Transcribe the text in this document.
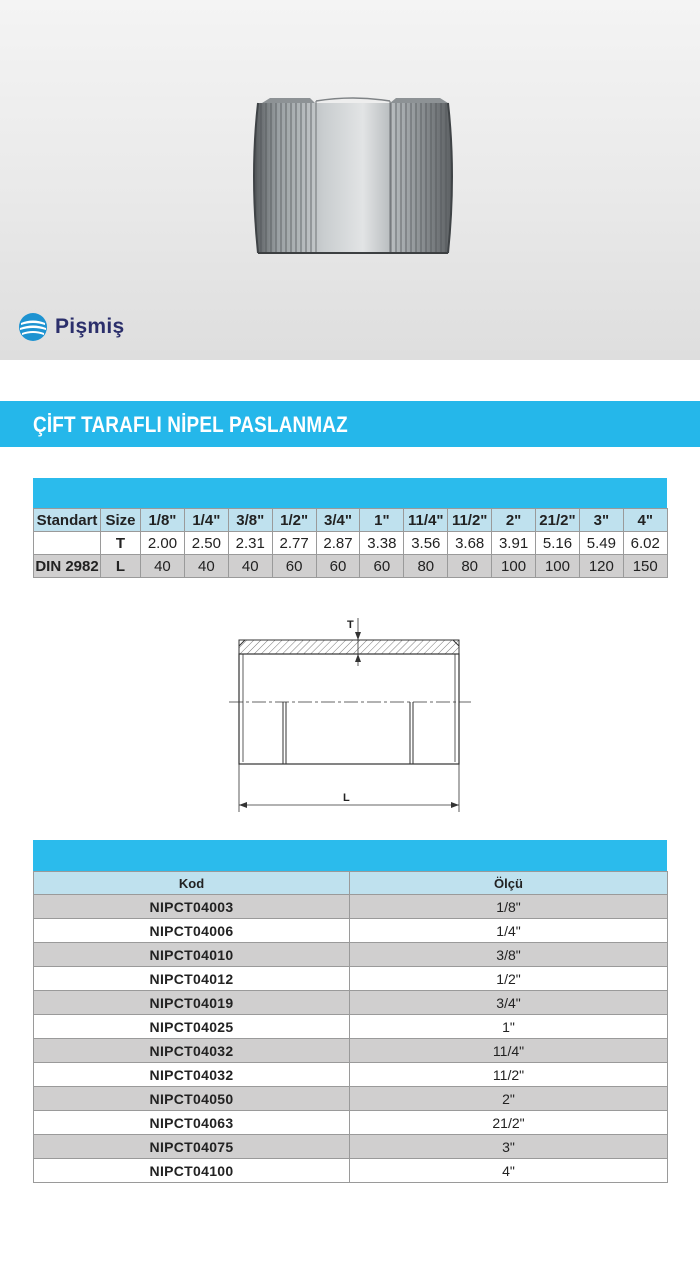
Pişmiş
ÇİFT TARAFLI NİPEL PASLANMAZ
Standart	Size	1/8"	1/4"	3/8"	1/2"	3/4"	1"	11/4"	11/2"	2"	21/2"	3"	4"
	T	2.00	2.50	2.31	2.77	2.87	3.38	3.56	3.68	3.91	5.16	5.49	6.02
DIN 2982	L	40	40	40	60	60	60	80	80	100	100	120	150
T
L
Kod	Ölçü
NIPCT04003	1/8"
NIPCT04006	1/4"
NIPCT04010	3/8"
NIPCT04012	1/2"
NIPCT04019	3/4"
NIPCT04025	1"
NIPCT04032	11/4"
NIPCT04032	11/2"
NIPCT04050	2"
NIPCT04063	21/2"
NIPCT04075	3"
NIPCT04100	4"
